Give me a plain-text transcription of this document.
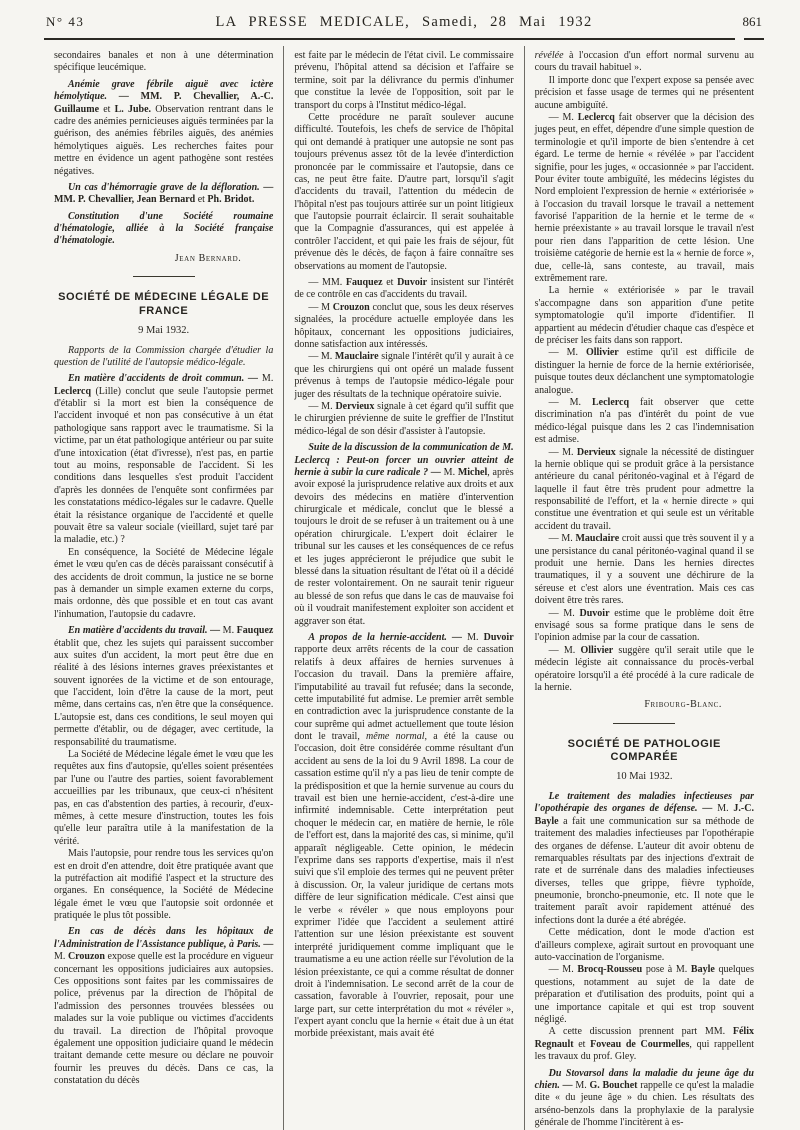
N° 43	LA PRESSE MEDICALE, Samedi, 28 Mai 1932	861
secondaires banales et non à une détermination spécifique leucémique.
Anémie grave fébrile aiguë avec ictère hémolytique. — MM. P. Chevallier, A.-C. Guillaume et L. Jube. Observation rentrant dans le cadre des anémies pernicieuses aiguës terminées par la guérison, des anémies fébriles aiguës, des anémies hémolytiques aiguës. Les recherches faites pour mettre en évidence un agent pathogène sont restées négatives.
Un cas d'hémorragie grave de la défloration. — MM. P. Chevallier, Jean Bernard et Ph. Bridot.
Constitution d'une Société roumaine d'hématologie, alliée à la Société française d'hématologie.
Jean Bernard.
SOCIÉTÉ DE MÉDECINE LÉGALE DE FRANCE
9 Mai 1932.
Rapports de la Commission chargée d'étudier la question de l'utilité de l'autopsie médico-légale.
En matière d'accidents de droit commun. — M. Leclercq (Lille) conclut que seule l'autopsie permet d'établir si la mort est bien la conséquence de l'accident invoqué et non pas consécutive à un état pathologique sans rapport avec le traumatisme. Si la victime, par un état pathologique antérieur ou par suite d'une intoxication (état d'ivresse), n'est pas, en partie tout au moins, responsable de l'accident. Si les conditions dans lesquelles s'est produit l'accident d'après les données de l'enquête sont confirmées par les constatations médico-légales sur le cadavre. Quelle était la résistance organique de l'accidenté et quelle pouvait être sa valeur sociale (vieillard, sujet taré par la maladie, etc.) ?
En conséquence, la Société de Médecine légale émet le vœu qu'en cas de décès paraissant consécutif à des accidents de droit commun, la justice ne se borne pas à demander un simple examen externe du corps, mais ordonne, dès que possible et en tout cas avant l'inhumation, l'autopsie du cadavre.
En matière d'accidents du travail. — M. Fauquez établit que, chez les sujets qui paraissent succomber aux suites d'un accident, la mort peut être due en réalité à des lésions internes graves préexistantes et souvent ignorées de la victime et de son entourage, que l'accident, loin d'être la cause de la mort, peut même, dans certains cas, n'en être que la conséquence. L'autopsie est, dans ces conditions, le seul moyen qui permette d'établir, ou de dégager, avec certitude, la responsabilité du traumatisme.
La Société de Médecine légale émet le vœu que les requêtes aux fins d'autopsie, qu'elles soient présentées par l'une ou l'autre des parties, soient favorablement accueillies par les tribunaux, que ceux-ci n'hésitent pas, en cas d'abstention des parties, à recourir, d'eux-mêmes, à cette mesure d'instruction, toutes les fois qu'elle leur paraîtra utile à la manifestation de la vérité.
Mais l'autopsie, pour rendre tous les services qu'on est en droit d'en attendre, doit être pratiquée avant que la putréfaction ait modifié l'aspect et la structure des organes. En conséquence, la Société de Médecine légale émet le vœu que l'autopsie soit ordonnée et pratiquée le plus tôt possible.
En cas de décès dans les hôpitaux de l'Administration de l'Assistance publique, à Paris. — M. Crouzon expose quelle est la procédure en vigueur concernant les oppositions judiciaires aux autopsies. Ces oppositions sont faites par les commissaires de police, prévenus par la direction de l'hôpital de l'admission des personnes trouvées blessées ou malades sur la voie publique ou victimes d'accidents du travail. La direction de l'hôpital provoque également une opposition judiciaire quand le médecin traitant demande cette mesure ou déclare ne pouvoir fournir les preuves du décès. Dans ce cas, la constatation du décès
est faite par le médecin de l'état civil. Le commissaire prévenu, l'hôpital attend sa décision et l'affaire se termine, soit par la délivrance du permis d'inhumer que constitue la levée de l'opposition, soit par le transport du corps à l'Institut médico-légal.
Cette procédure ne paraît soulever aucune difficulté. Toutefois, les chefs de service de l'hôpital qui ont demandé à pratiquer une autopsie ne sont pas toujours prévenus assez tôt de la levée d'interdiction prononcée par le commissaire et l'autopsie, dans ce cas, ne peut être faite. D'autre part, lorsqu'il s'agit d'accidents du travail, l'attention du médecin de l'hôpital n'est pas toujours attirée sur un point litigieux que l'autopsie pourrait éclaircir. Il serait souhaitable que la Compagnie d'assurances, qui est appelée à contrôler l'accident, et qui paie les frais de séjour, fût prévenue dès le décès, de façon à faire connaître ses observations au moment de l'autopsie.
— MM. Fauquez et Duvoir insistent sur l'intérêt de ce contrôle en cas d'accidents du travail.
— M Crouzon conclut que, sous les deux réserves signalées, la procédure actuelle employée dans les hôpitaux, concernant les oppositions judiciaires, donne satisfaction aux intéressés.
— M. Mauclaire signale l'intérêt qu'il y aurait à ce que les chirurgiens qui ont opéré un malade fussent prévenus à temps de l'autopsie médico-légale pour juger des résultats de la technique opératoire suivie.
— M. Dervieux signale à cet égard qu'il suffit que le chirurgien prévienne de suite le greffier de l'Institut médico-légal de son désir d'assister à l'autopsie.
Suite de la discussion de la communication de M. Leclercq : Peut-on forcer un ouvrier atteint de hernie à subir la cure radicale ? — M. Michel, après avoir exposé la jurisprudence relative aux droits et aux devoirs des médecins en matière d'intervention chirurgicale et médicale, conclut que le blessé a toujours le droit de se refuser à un traitement ou à une opération chirurgicale. L'expert doit éclairer le tribunal sur les causes et les conséquences de ce refus et les juges apprécieront le préjudice que subit le blessé dans la situation résultant de l'état où il a décidé de rester volontairement. On ne saurait tenir rigueur au blessé de son refus que dans le cas de mauvaise foi où il voudrait manifestement exploiter son accident et aggraver son état.
A propos de la hernie-accident. — M. Duvoir rapporte deux arrêts récents de la cour de cassation relatifs à deux affaires de hernies survenues à l'occasion du travail. Dans la première affaire, l'imputabilité au travail fut refusée; dans la seconde, cette imputabilité fut admise. Le premier arrêt semble en contradiction avec la jurisprudence constante de la cour suprême qui admet actuellement que toute lésion dont le travail, même normal, a été la cause ou l'occasion, doit être considérée comme résultant d'un accident au sens de la loi du 9 Avril 1898. La cour de cassation estime qu'il n'y a pas lieu de tenir compte de la prédisposition et que la hernie survenue au cours du travail est bien une hernie-accident, c'est-à-dire une infirmité indemnisable. Cette interprétation peut choquer le médecin car, en matière de hernie, le rôle de l'effort est, dans la majorité des cas, si minime, qu'il apparaît négligeable. Cette opinion, le médecin l'exprime dans ses rapports d'expertise, mais il n'est suivi que s'il emploie des termes qui ne peuvent prêter à discussion. Or, la valeur juridique de certans mots diffère de leur signification médicale. C'est ainsi que le verbe « révéler » que nous employons pour exprimer l'idée que l'accident a seulement attiré l'attention sur une lésion préexistante est souvent interprété juridiquement comme impliquant que le traumatisme a eu une action réelle sur l'évolution de la lésion préexistante, ce qui a comme résultat de donner droit à l'indemnisation. Le second arrêt de la cour de cassation, favorable à l'ouvrier, reposait, pour une large part, sur cette interprétation du mot « révéler », l'expert ayant conclu que la hernie « était due à un état morbide préexistant, mais avait été
révélée à l'occasion d'un effort normal survenu au cours du travail habituel ».
Il importe donc que l'expert expose sa pensée avec précision et fasse usage de termes qui ne présentent aucune ambiguïté.
— M. Leclercq fait observer que la décision des juges peut, en effet, dépendre d'une simple question de terminologie et qu'il importe de bien s'entendre à cet égard. Le terme de hernie « révélée » par l'accident signifie, pour les juges, « occasionnée » par l'accident. Pour éviter toute ambiguïté, les médecins légistes du Nord emploient l'expression de hernie « extériorisée » à l'occasion du travail lorsque le travail a nettement favorisé l'apparition de la hernie et le terme de « hernie préexistante » au travail lorsque le travail n'est pour rien dans l'apparition de cette lésion. Une troisième catégorie de hernie est la « hernie de force », due, celle-là, sans conteste, au travail, mais extrêmement rare.
La hernie « extériorisée » par le travail s'accompagne dans son apparition d'une petite symptomatologie qu'il importe d'identifier. Il appartient au médecin d'étudier chaque cas d'espèce et de préciser les faits dans son rapport.
— M. Ollivier estime qu'il est difficile de distinguer la hernie de force de la hernie extériorisée, puisque toutes deux déclanchent une symptomatologie analogue.
— M. Leclercq fait observer que cette discrimination n'a pas d'intérêt du point de vue médico-légal puisque dans les 2 cas l'indemnisation est admise.
— M. Dervieux signale la nécessité de distinguer la hernie oblique qui se produit grâce à la persistance antérieure du canal péritonéo-vaginal et à l'égard de laquelle il faut être très prudent pour admettre la responsabilité de l'effort, et la « hernie directe » qui constitue une éventration et qui seule est un véritable accident du travail.
— M. Mauclaire croit aussi que très souvent il y a une persistance du canal péritonéo-vaginal quand il se produit une hernie. Dans les hernies directes traumatiques, il y a souvent une déchirure de la séreuse et c'est alors une éventration. Mais ces cas doivent être très rares.
— M. Duvoir estime que le problème doit être envisagé sous sa forme pratique dans le sens de l'opinion admise par la cour de cassation.
— M. Ollivier suggère qu'il serait utile que le médecin légiste ait connaissance du procès-verbal opératoire lorsqu'il a été procédé à la cure radicale de la hernie.
Fribourg-Blanc.
SOCIÉTÉ DE PATHOLOGIE COMPARÉE
10 Mai 1932.
Le traitement des maladies infectieuses par l'opothérapie des organes de défense. — M. J.-C. Bayle a fait une communication sur sa méthode de traitement des maladies infectieuses par l'opothérapie des organes de défense. L'auteur dit avoir obtenu de remarquables résultats par des injections d'extrait de rate et de surrénale dans des maladies infectieuses diverses, telles que grippe, fièvre typhoïde, pneumonie, broncho-pneumonie, etc. Il note que le traitement paraît avoir rapidement atténué des infections dont la durée a été abrégée.
Cette médication, dont le mode d'action est d'ailleurs complexe, agirait surtout en provoquant une auto-vaccination de l'organisme.
— M. Brocq-Rousseu pose à M. Bayle quelques questions, notamment au sujet de la date de préparation et d'utilisation des produits, point qui a une importance capitale et qui est trop souvent négligé.
A cette discussion prennent part MM. Félix Regnault et Foveau de Courmelles, qui rappellent les travaux du prof. Gley.
Du Stovarsol dans la maladie du jeune âge du chien. — M. G. Bouchet rappelle ce qu'est la maladie dite « du jeune âge » du chien. Les résultats des arséno-benzols dans la prophylaxie de la paralysie générale de l'homme l'incitèrent à es-
